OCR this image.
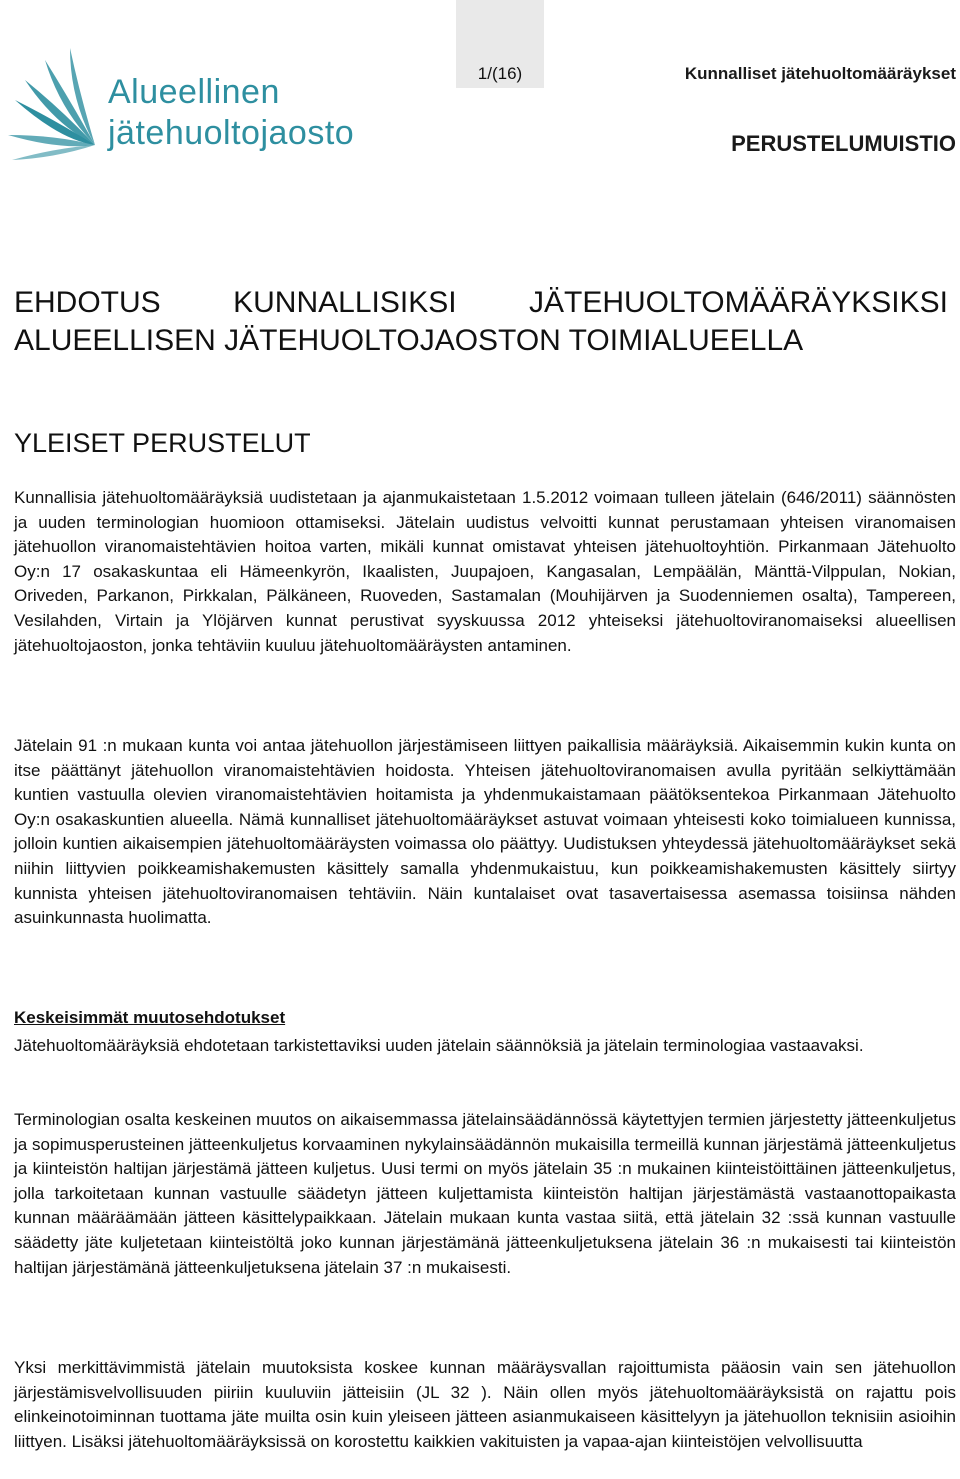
Alueellinen
jätehuoltojaosto
1/(16)	Kunnalliset jätehuoltomääräykset
PERUSTELUMUISTIO
EHDOTUS KUNNALLISIKSI JÄTEHUOLTOMÄÄRÄYKSIKSI
ALUEELLISEN JÄTEHUOLTOJAOSTON TOIMIALUEELLA
YLEISET PERUSTELUT

Kunnallisia jätehuoltomääräyksiä uudistetaan ja ajanmukaistetaan 1.5.2012 voimaan tulleen jätelain (646/2011) säännösten ja uuden terminologian huomioon ottamiseksi. Jätelain uudistus velvoitti kunnat perustamaan yhteisen viranomaisen jätehuollon viranomaistehtävien hoitoa varten, mikäli kunnat omistavat yhteisen jätehuoltoyhtiön. Pirkanmaan Jätehuolto Oy:n 17 osakaskuntaa eli Hämeenkyrön, Ikaalisten, Juupajoen, Kangasalan, Lempäälän, Mänttä-Vilppulan, Nokian, Oriveden, Parkanon, Pirkkalan, Pälkäneen, Ruoveden, Sastamalan (Mouhijärven ja Suodenniemen osalta), Tampereen, Vesilahden, Virtain ja Ylöjärven kunnat perustivat syyskuussa 2012 yhteiseksi jätehuoltoviranomaiseksi alueellisen jätehuoltojaoston, jonka tehtäviin kuuluu jätehuoltomääräysten antaminen.

Jätelain 91 :n mukaan kunta voi antaa jätehuollon järjestämiseen liittyen paikallisia määräyksiä. Aikaisemmin kukin kunta on itse päättänyt jätehuollon viranomaistehtävien hoidosta. Yhteisen jätehuoltoviranomaisen avulla pyritään selkiyttämään kuntien vastuulla olevien viranomaistehtävien hoitamista ja yhdenmukaistamaan päätöksentekoa Pirkanmaan Jätehuolto Oy:n osakaskuntien alueella. Nämä kunnalliset jätehuoltomääräykset astuvat voimaan yhteisesti koko toimialueen kunnissa, jolloin kuntien aikaisempien jätehuoltomääräysten voimassa olo päättyy. Uudistuksen yhteydessä jätehuoltomääräykset sekä niihin liittyvien poikkeamishakemusten käsittely samalla yhdenmukaistuu, kun poikkeamishakemusten käsittely siirtyy kunnista yhteisen jätehuoltoviranomaisen tehtäviin. Näin kuntalaiset ovat tasavertaisessa asemassa toisiinsa nähden asuinkunnasta huolimatta.

Keskeisimmät muutosehdotukset

Jätehuoltomääräyksiä ehdotetaan tarkistettaviksi uuden jätelain säännöksiä ja jätelain terminologiaa vastaavaksi.

Terminologian osalta keskeinen muutos on aikaisemmassa jätelainsäädännössä käytettyjen termien järjestetty jätteenkuljetus ja sopimusperusteinen jätteenkuljetus korvaaminen nykylainsäädännön mukaisilla termeillä kunnan järjestämä jätteenkuljetus ja kiinteistön haltijan järjestämä jätteen kuljetus. Uusi termi on myös jätelain 35 :n mukainen kiinteistöittäinen jätteenkuljetus, jolla tarkoitetaan kunnan vastuulle säädetyn jätteen kuljettamista kiinteistön haltijan järjestämästä vastaanottopaikasta kunnan määräämään jätteen käsittelypaikkaan. Jätelain mukaan kunta vastaa siitä, että jätelain 32 :ssä kunnan vastuulle säädetty jäte kuljetetaan kiinteistöltä joko kunnan järjestämänä jätteenkuljetuksena jätelain 36 :n mukaisesti tai kiinteistön haltijan järjestämänä jätteenkuljetuksena jätelain 37 :n mukaisesti.

Yksi merkittävimmistä jätelain muutoksista koskee kunnan määräysvallan rajoittumista pääosin vain sen jätehuollon järjestämisvelvollisuuden piiriin kuuluviin jätteisiin (JL 32 ). Näin ollen myös jätehuoltomääräyksistä on rajattu pois elinkeinotoiminnan tuottama jäte muilta osin kuin yleiseen jätteen asianmukaiseen käsittelyyn ja jätehuollon teknisiin asioihin liittyen. Lisäksi jätehuoltomääräyksissä on korostettu kaikkien vakituisten ja vapaa-ajan kiinteistöjen velvollisuutta
